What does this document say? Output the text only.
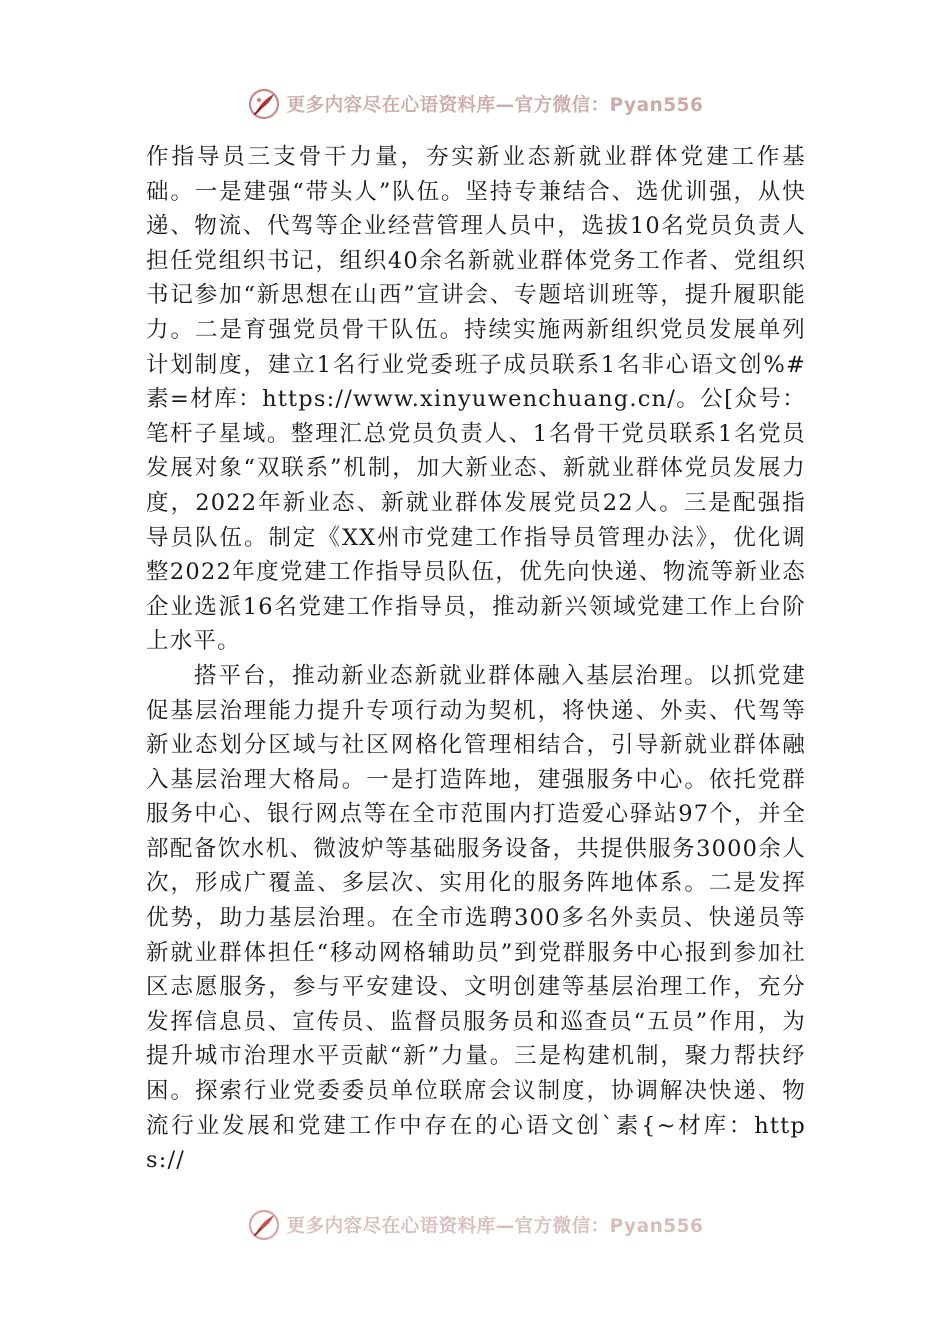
更多内容尽在心语资料库—官方微信：Pyan556

作指导员三支骨干力量，夯实新业态新就业群体党建工作基础。一是建强“带头人”队伍。坚持专兼结合、选优训强，从快递、物流、代驾等企业经营管理人员中，选拔10名党员负责人担任党组织书记，组织40余名新就业群体党务工作者、党组织书记参加“新思想在山西”宣讲会、专题培训班等，提升履职能力。二是育强党员骨干队伍。持续实施两新组织党员发展单列计划制度，建立1名行业党委班子成员联系1名非心语文创%#素=材库：https://www.xinyuwenchuang.cn/。公[众号：笔杆子星域。整理汇总党员负责人、1名骨干党员联系1名党员发展对象“双联系”机制，加大新业态、新就业群体党员发展力度，2022年新业态、新就业群体发展党员22人。三是配强指导员队伍。制定《XX州市党建工作指导员管理办法》，优化调整2022年度党建工作指导员队伍，优先向快递、物流等新业态企业选派16名党建工作指导员，推动新兴领域党建工作上台阶上水平。

搭平台，推动新业态新就业群体融入基层治理。以抓党建促基层治理能力提升专项行动为契机，将快递、外卖、代驾等新业态划分区域与社区网格化管理相结合，引导新就业群体融入基层治理大格局。一是打造阵地，建强服务中心。依托党群服务中心、银行网点等在全市范围内打造爱心驿站97个，并全部配备饮水机、微波炉等基础服务设备，共提供服务3000余人次，形成广覆盖、多层次、实用化的服务阵地体系。二是发挥优势，助力基层治理。在全市选聘300多名外卖员、快递员等新就业群体担任“移动网格辅助员”到党群服务中心报到参加社区志愿服务，参与平安建设、文明创建等基层治理工作，充分发挥信息员、宣传员、监督员服务员和巡查员“五员”作用，为提升城市治理水平贡献“新”力量。三是构建机制，聚力帮扶纾困。探索行业党委委员单位联席会议制度，协调解决快递、物流行业发展和党建工作中存在的心语文创`素{~材库：https://

更多内容尽在心语资料库—官方微信：Pyan556
